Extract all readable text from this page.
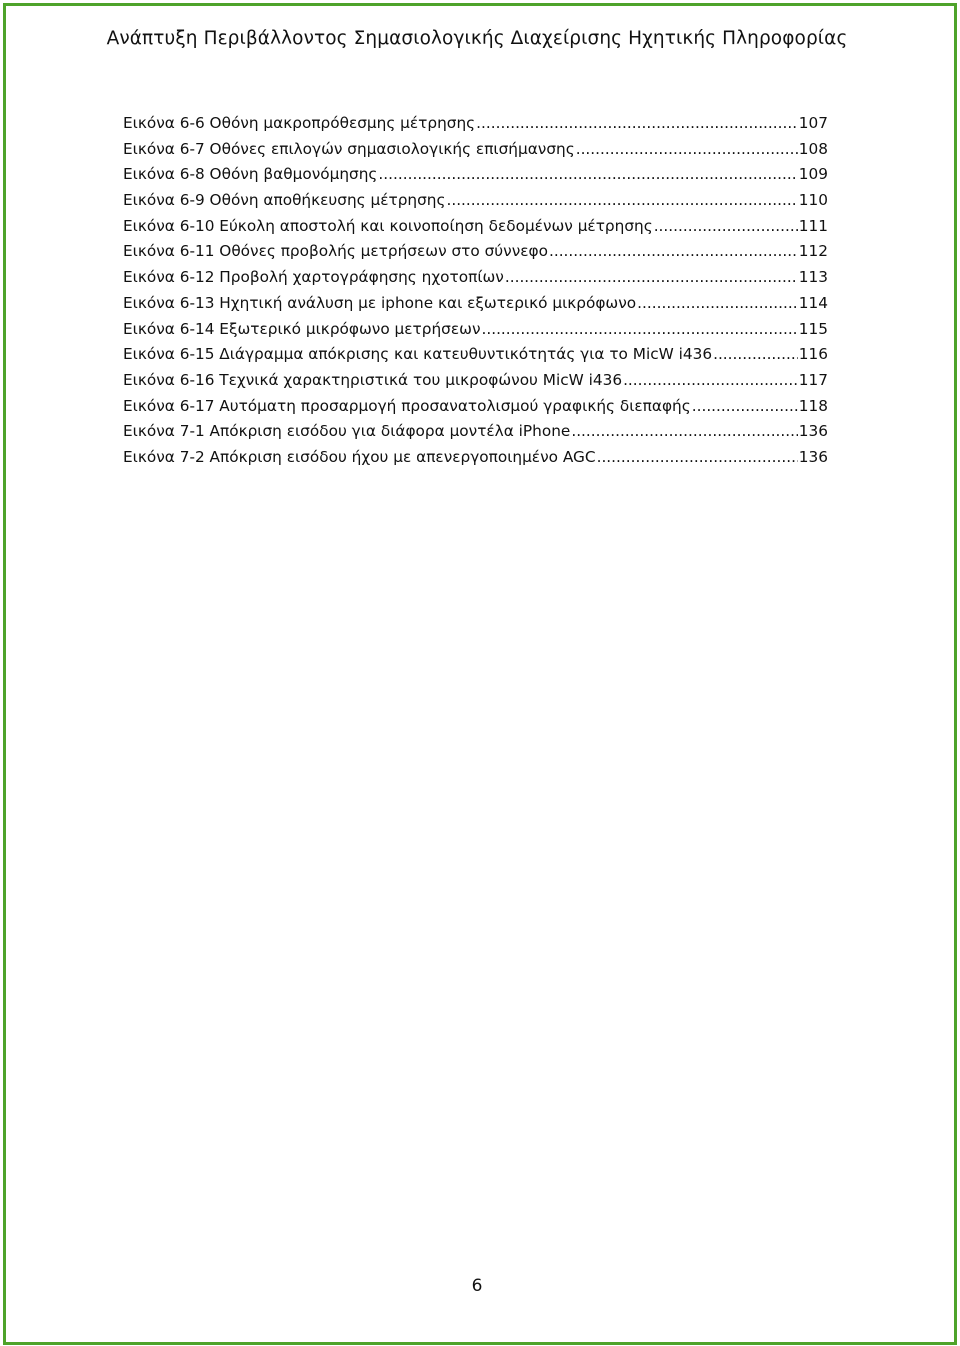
Ανάπτυξη Περιβάλλοντος Σημασιολογικής Διαχείρισης Ηχητικής Πληροφορίας
Εικόνα 6-6 Οθόνη μακροπρόθεσμης μέτρησης .....	107
Εικόνα 6-7 Οθόνες επιλογών σημασιολογικής επισήμανσης .....	108
Εικόνα 6-8 Οθόνη βαθμονόμησης .....	109
Εικόνα 6-9 Οθόνη αποθήκευσης μέτρησης .....	110
Εικόνα 6-10 Εύκολη αποστολή και κοινοποίηση δεδομένων μέτρησης .....	111
Εικόνα 6-11 Οθόνες προβολής μετρήσεων στο σύννεφο .....	112
Εικόνα 6-12 Προβολή χαρτογράφησης ηχοτοπίων .....	113
Εικόνα 6-13 Ηχητική ανάλυση με iphone και εξωτερικό μικρόφωνο .....	114
Εικόνα 6-14 Εξωτερικό μικρόφωνο μετρήσεων .....	115
Εικόνα 6-15 Διάγραμμα απόκρισης και κατευθυντικότητάς για το MicW i436 .....	116
Εικόνα 6-16 Τεχνικά χαρακτηριστικά του μικροφώνου MicW i436 .....	117
Εικόνα 6-17 Αυτόματη προσαρμογή προσανατολισμού γραφικής διεπαφής .....	118
Εικόνα 7-1 Απόκριση εισόδου για διάφορα μοντέλα iPhone .....	136
Εικόνα 7-2 Απόκριση εισόδου ήχου με απενεργοποιημένο AGC .....	136
6
